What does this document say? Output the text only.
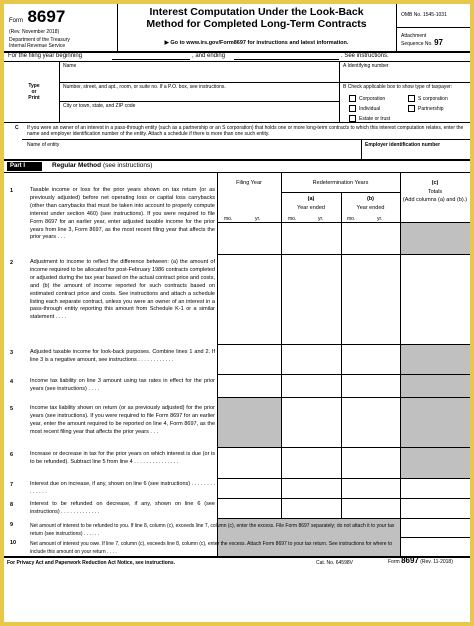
Form 8697
(Rev. November 2018)
Department of the Treasury
Internal Revenue Service
Interest Computation Under the Look-Back
Method for Completed Long-Term Contracts
▶ Go to www.irs.gov/Form8697 for instructions and latest information.
OMB No. 1545-1031
Attachment
Sequence No. 97
For the filing year beginning	, and ending	. See instructions.
Type
or
Print
Name	A Identifying number
Number, street, and apt., room, or suite no. If a P.O. box, see instructions.	B Check applicable box to show type of taxpayer:
City or town, state, and ZIP code
Corporation	S corporation
Individual	Partnership
Estate or trust
C If you were an owner of an interest in a pass-through entity (such as a partnership or an S corporation) that holds one or more long-term contracts to which this interest computation relates, enter the name and employer identification number of the entity. Attach a schedule if there is more than one such entity.
Name of entity	Employer identification number
Part I	Regular Method (see instructions)
Filing Year	Redetermination Years
(a)
Year ended
(b)
Year ended
(c)
Totals
(Add columns (a) and (b).)
mo.	yr.	mo.	yr.	mo.	yr.
1	Taxable income or loss for the prior years shown on tax return (or as previously adjusted) before net operating loss or capital loss carrybacks (other than carrybacks that must be taken into account to properly compute interest under section 460) (see instructions). If you were required to file Form 8697 for an earlier year, enter adjusted taxable income for the prior years from line 3, Form 8697, as the most recent filing year that affects the prior years . . .
2	Adjustment to income to reflect the difference between: (a) the amount of income required to be allocated for post-February 1986 contracts completed or adjusted during the tax year based on the actual contract price and costs, and (b) the amount of income reported for such contracts based on estimated contract price and costs. See instructions and attach a schedule listing each separate contract, unless you were an owner of an interest in a pass-through entity reporting this amount from Schedule K-1 or a similar statement . . . .
3	Adjusted taxable income for look-back purposes. Combine lines 1 and 2. If line 3 is a negative amount, see instructions . . . . . . . . . . . .
4	Income tax liability on line 3 amount using tax rates in effect for the prior years (see instructions) . . . .
5	Income tax liability shown on return (or as previously adjusted) for the prior years (see instructions). If you were required to file Form 8697 for an earlier year, enter the amount required to be reported on line 4, Form 8697, as the most recent filing year that affects the prior years . . .
6	Increase or decrease in tax for the prior years on which interest is due (or is to be refunded). Subtract line 5 from line 4 . . . . . . . . . . . . . . .
7	Interest due on increase, if any, shown on line 6 (see instructions) . . . . . . . . . . . . . .
8	Interest to be refunded on decrease, if any, shown on line 6 (see instructions) . . . . . . . . . . . . .
9	Net amount of interest to be refunded to you. If line 8, column (c), exceeds line 7, column (c), enter the excess. File Form 8697 separately; do not attach it to your tax return (see instructions) . . . . . .
10	Net amount of interest you owe. If line 7, column (c), exceeds line 8, column (c), enter the excess. Attach Form 8697 to your tax return. See instructions for where to include this amount on your return . . . .
For Privacy Act and Paperwork Reduction Act Notice, see instructions.	Cat. No. 64598V	Form 8697 (Rev. 11-2018)
